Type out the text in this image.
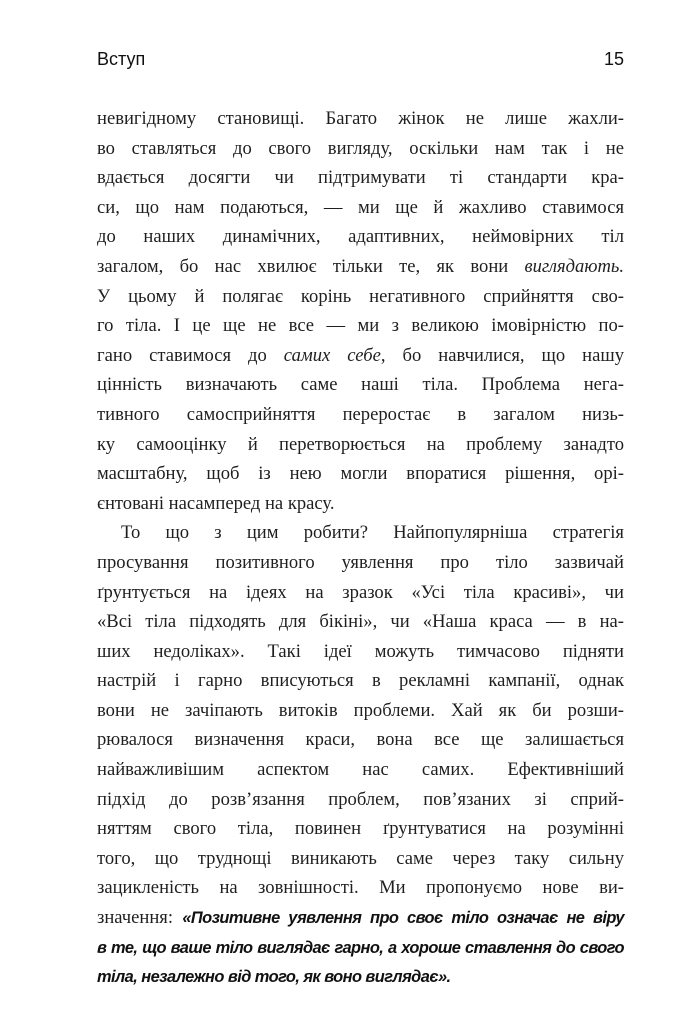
Вступ	15
невигідному становищі. Багато жінок не лише жахли-
во ставляться до свого вигляду, оскільки нам так і не
вдається досягти чи підтримувати ті стандарти кра-
си, що нам подаються, — ми ще й жахливо ставимося
до наших динамічних, адаптивних, неймовірних тіл
загалом, бо нас хвилює тільки те, як вони виглядають.
У цьому й полягає корінь негативного сприйняття сво-
го тіла. І це ще не все — ми з великою імовірністю по-
гано ставимося до самих себе, бо навчилися, що нашу
цінність визначають саме наші тіла. Проблема нега-
тивного самосприйняття переростає в загалом низь-
ку самооцінку й перетворюється на проблему занадто
масштабну, щоб із нею могли впоратися рішення, орі-
єнтовані насамперед на красу.
То що з цим робити? Найпопулярніша стратегія
просування позитивного уявлення про тіло зазвичай
ґрунтується на ідеях на зразок «Усі тіла красиві», чи
«Всі тіла підходять для бікіні», чи «Наша краса — в на-
ших недоліках». Такі ідеї можуть тимчасово підняти
настрій і гарно вписуються в рекламні кампанії, однак
вони не зачіпають витоків проблеми. Хай як би розши-
рювалося визначення краси, вона все ще залишається
найважливішим аспектом нас самих. Ефективніший
підхід до розв’язання проблем, пов’язаних зі сприй-
няттям свого тіла, повинен ґрунтуватися на розумінні
того, що труднощі виникають саме через таку сильну
зацикленість на зовнішності. Ми пропонуємо нове ви-
значення: «Позитивне уявлення про своє тіло означає не віру
в те, що ваше тіло виглядає гарно, а хороше ставлення до свого
тіла, незалежно від того, як воно виглядає».
